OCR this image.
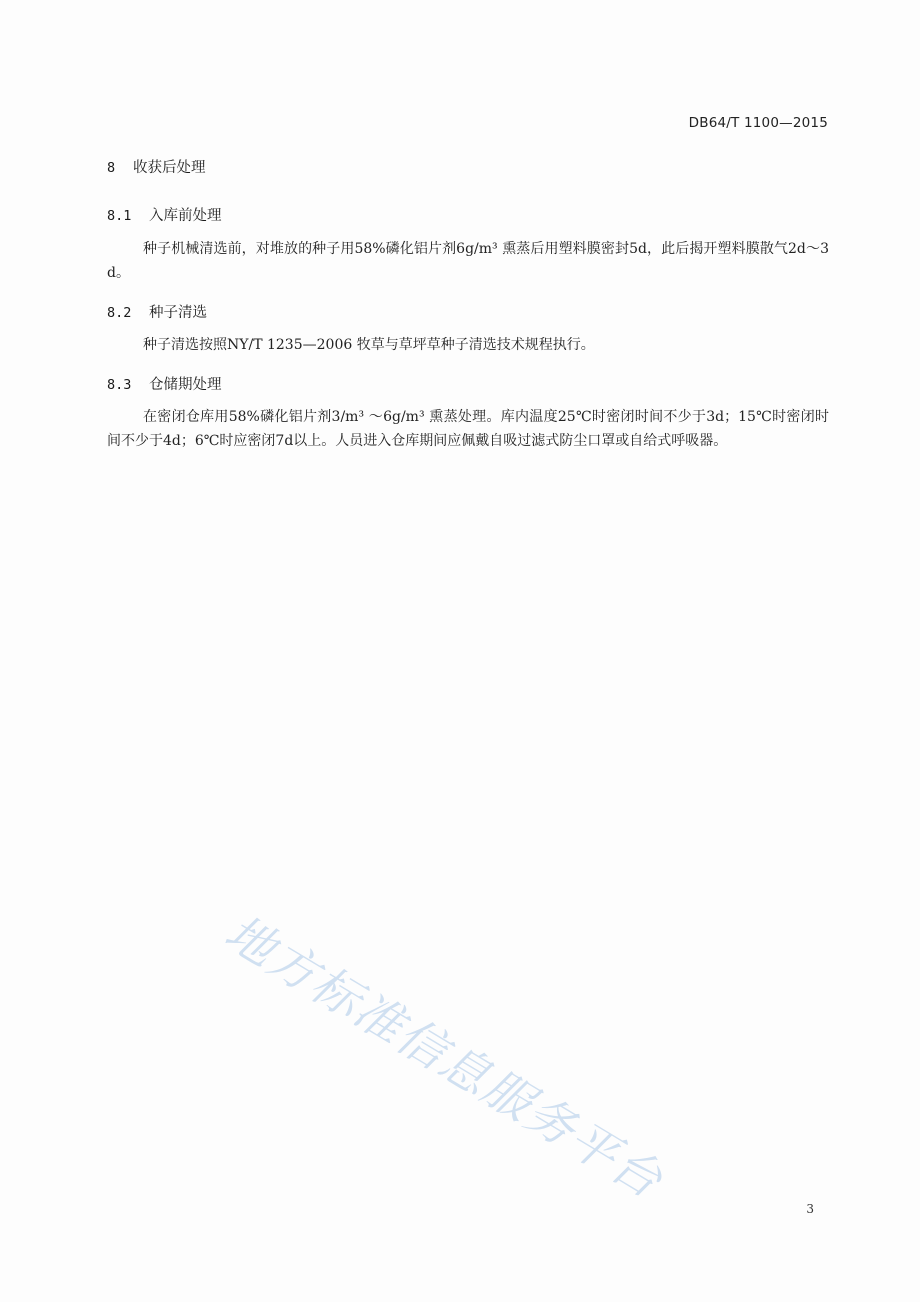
DB64/T 1100—2015
8 收获后处理
8.1 入库前处理
种子机械清选前，对堆放的种子用58%磷化铝片剂6g/m³ 熏蒸后用塑料膜密封5d，此后揭开塑料膜散气2d～3d。
8.2 种子清选
种子清选按照NY/T 1235—2006 牧草与草坪草种子清选技术规程执行。
8.3 仓储期处理
在密闭仓库用58%磷化铝片剂3/m³ ～6g/m³ 熏蒸处理。库内温度25℃时密闭时间不少于3d；15℃时密闭时间不少于4d；6℃时应密闭7d以上。人员进入仓库期间应佩戴自吸过滤式防尘口罩或自给式呼吸器。
地方标准信息服务平台	3
